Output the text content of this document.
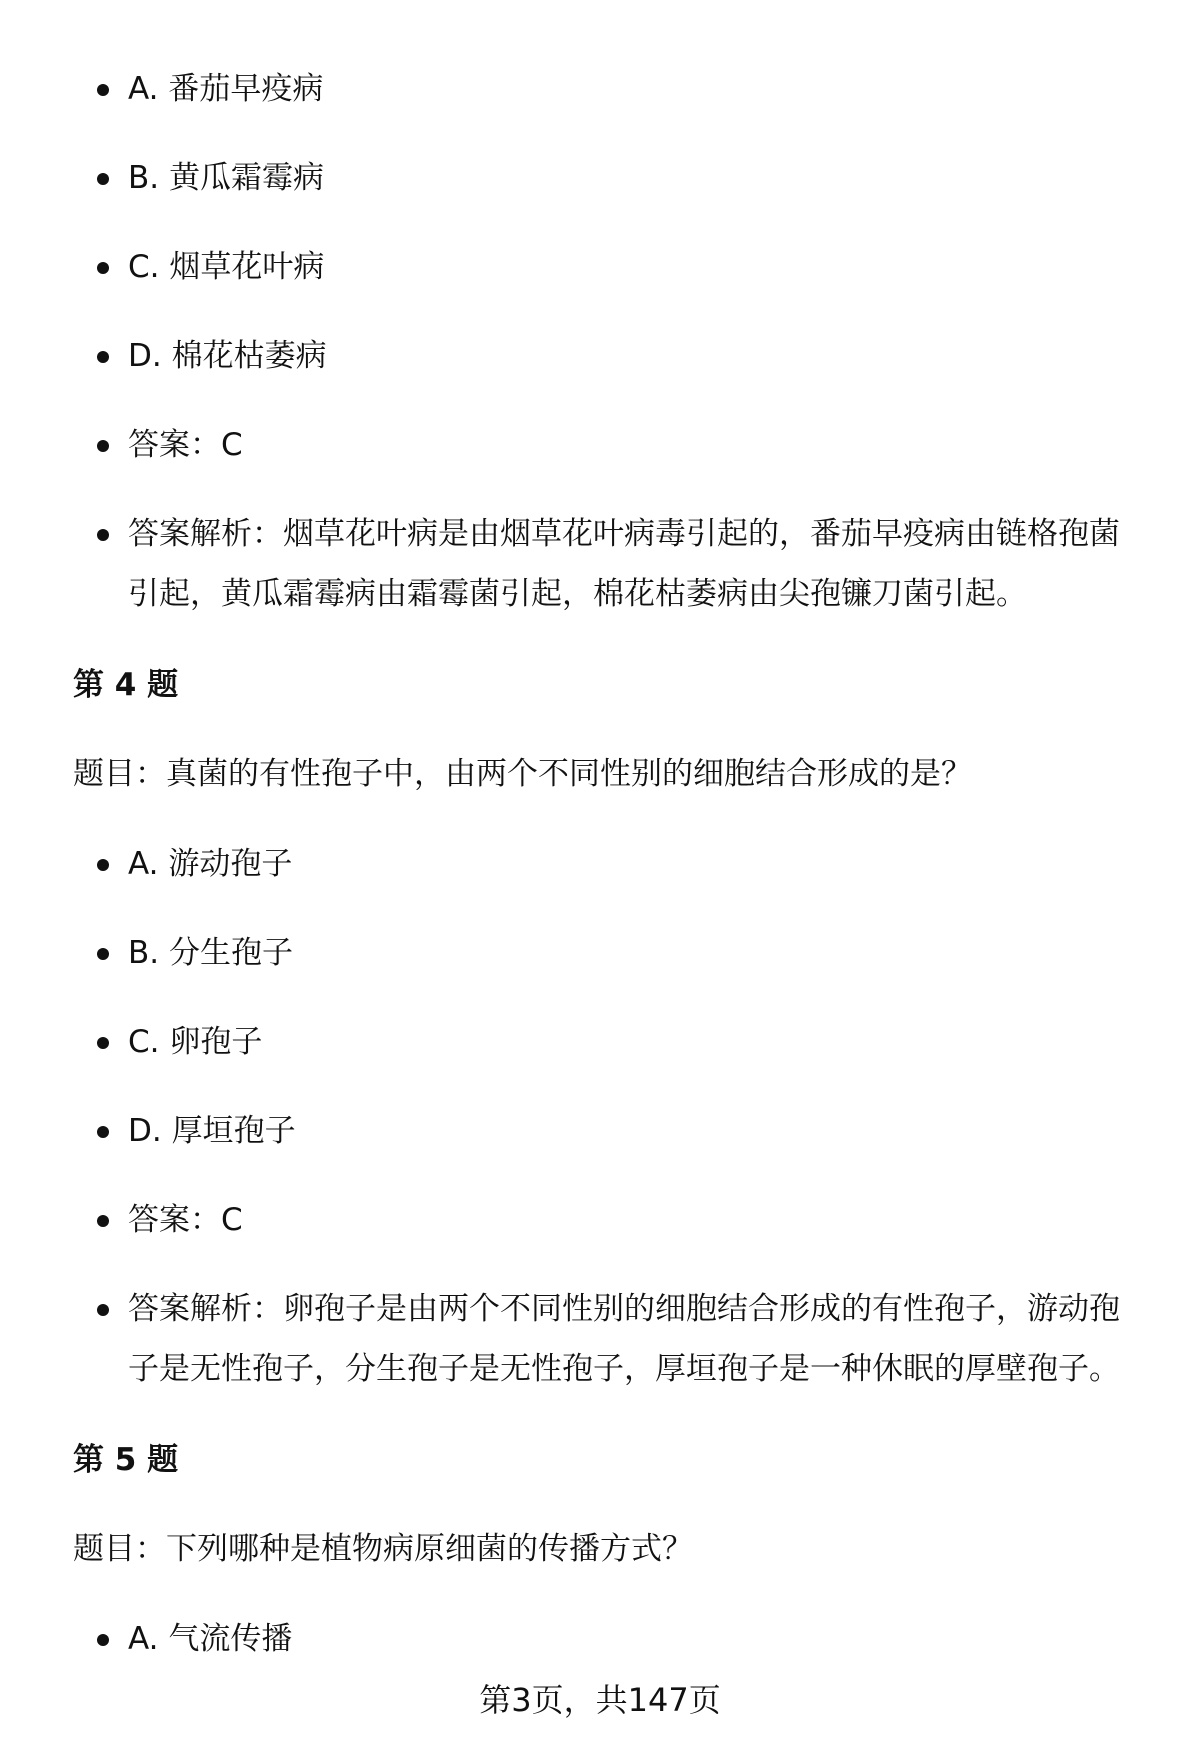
A. 番茄早疫病
B. 黄瓜霜霉病
C. 烟草花叶病
D. 棉花枯萎病
答案：C
答案解析：烟草花叶病是由烟草花叶病毒引起的，番茄早疫病由链格孢菌引起，黄瓜霜霉病由霜霉菌引起，棉花枯萎病由尖孢镰刀菌引起。
第 4 题
题目：真菌的有性孢子中，由两个不同性别的细胞结合形成的是？
A. 游动孢子
B. 分生孢子
C. 卵孢子
D. 厚垣孢子
答案：C
答案解析：卵孢子是由两个不同性别的细胞结合形成的有性孢子，游动孢子是无性孢子，分生孢子是无性孢子，厚垣孢子是一种休眠的厚壁孢子。
第 5 题
题目：下列哪种是植物病原细菌的传播方式？
A. 气流传播
第3页，共147页
